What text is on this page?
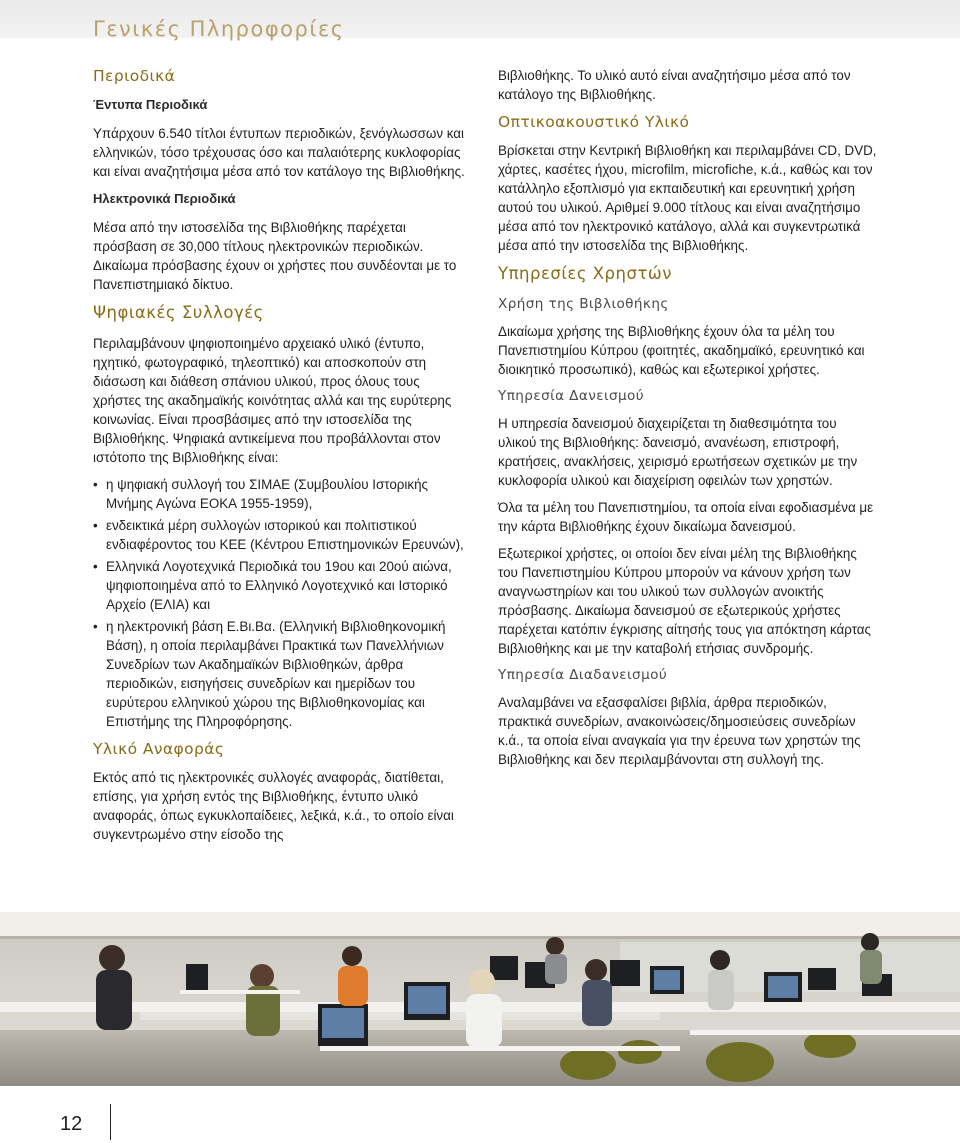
Γενικές Πληροφορίες
Περιοδικά
Έντυπα Περιοδικά

Υπάρχουν 6.540 τίτλοι έντυπων περιοδικών, ξενόγλωσσων και ελληνικών, τόσο τρέχουσας όσο και παλαιότερης κυκλοφορίας και είναι αναζητήσιμα μέσα από τον κατάλογο της Βιβλιοθήκης.

Ηλεκτρονικά Περιοδικά

Μέσα από την ιστοσελίδα της Βιβλιοθήκης παρέχεται πρόσβαση σε 30,000 τίτλους ηλεκτρονικών περιοδικών. Δικαίωμα πρόσβασης έχουν οι χρήστες που συνδέονται με το Πανεπιστημιακό δίκτυο.

Ψηφιακές Συλλογές

Περιλαμβάνουν ψηφιοποιημένο αρχειακό υλικό (έντυπο, ηχητικό, φωτογραφικό, τηλεοπτικό) και αποσκοπούν στη διάσωση και διάθεση σπάνιου υλικού, προς όλους τους χρήστες της ακαδημαϊκής κοινότητας αλλά και της ευρύτερης κοινωνίας. Είναι προσβάσιμες από την ιστοσελίδα της Βιβλιοθήκης. Ψηφιακά αντικείμενα που προβάλλονται στον ιστότοπο της Βιβλιοθήκης είναι:

• η ψηφιακή συλλογή του ΣΙΜΑΕ (Συμβουλίου Ιστορικής Μνήμης Αγώνα ΕΟΚΑ 1955-1959),
• ενδεικτικά μέρη συλλογών ιστορικού και πολιτιστικού ενδιαφέροντος του ΚΕΕ (Κέντρου Επιστημονικών Ερευνών),
• Ελληνικά Λογοτεχνικά Περιοδικά του 19ου και 20ού αιώνα, ψηφιοποιημένα από το Ελληνικό Λογοτεχνικό και Ιστορικό Αρχείο (ΕΛΙΑ) και
• η ηλεκτρονική βάση Ε.Βι.Βα. (Ελληνική Βιβλιοθηκονομική Βάση), η οποία περιλαμβάνει Πρακτικά των Πανελλήνιων Συνεδρίων των Ακαδημαϊκών Βιβλιοθηκών, άρθρα περιοδικών, εισηγήσεις συνεδρίων και ημερίδων του ευρύτερου ελληνικού χώρου της Βιβλιοθηκονομίας και Επιστήμης της Πληροφόρησης.
Υλικό Αναφοράς

Εκτός από τις ηλεκτρονικές συλλογές αναφοράς, διατίθεται, επίσης, για χρήση εντός της Βιβλιοθήκης, έντυπο υλικό αναφοράς, όπως εγκυκλοπαίδειες, λεξικά, κ.ά., το οποίο είναι συγκεντρωμένο στην είσοδο της

Βιβλιοθήκης. Το υλικό αυτό είναι αναζητήσιμο μέσα από τον κατάλογο της Βιβλιοθήκης.

Οπτικοακουστικό Υλικό

Βρίσκεται στην Κεντρική Βιβλιοθήκη και περιλαμβάνει CD, DVD, χάρτες, κασέτες ήχου, microfilm, microfiche, κ.ά., καθώς και τον κατάλληλο εξοπλισμό για εκπαιδευτική και ερευνητική χρήση αυτού του υλικού. Αριθμεί 9.000 τίτλους και είναι αναζητήσιμο μέσα από τον ηλεκτρονικό κατάλογο, αλλά και συγκεντρωτικά μέσα από την ιστοσελίδα της Βιβλιοθήκης.

Υπηρεσίες Χρηστών
Χρήση της Βιβλιοθήκης

Δικαίωμα χρήσης της Βιβλιοθήκης έχουν όλα τα μέλη του Πανεπιστημίου Κύπρου (φοιτητές, ακαδημαϊκό, ερευνητικό και διοικητικό προσωπικό), καθώς και εξωτερικοί χρήστες.

Υπηρεσία Δανεισμού

Η υπηρεσία δανεισμού διαχειρίζεται τη διαθεσιμότητα του υλικού της Βιβλιοθήκης: δανεισμό, ανανέωση, επιστροφή, κρατήσεις, ανακλήσεις, χειρισμό ερωτήσεων σχετικών με την κυκλοφορία υλικού και διαχείριση οφειλών των χρηστών.

Όλα τα μέλη του Πανεπιστημίου, τα οποία είναι εφοδιασμένα με την κάρτα Βιβλιοθήκης έχουν δικαίωμα δανεισμού.

Εξωτερικοί χρήστες, οι οποίοι δεν είναι μέλη της Βιβλιοθήκης του Πανεπιστημίου Κύπρου μπορούν να κάνουν χρήση των αναγνωστηρίων και του υλικού των συλλογών ανοικτής πρόσβασης. Δικαίωμα δανεισμού σε εξωτερικούς χρήστες παρέχεται κατόπιν έγκρισης αίτησής τους για απόκτηση κάρτας Βιβλιοθήκης και με την καταβολή ετήσιας συνδρομής.

Υπηρεσία Διαδανεισμού

Αναλαμβάνει να εξασφαλίσει βιβλία, άρθρα περιοδικών, πρακτικά συνεδρίων, ανακοινώσεις/δημοσιεύσεις συνεδρίων κ.ά., τα οποία είναι αναγκαία για την έρευνα των χρηστών της Βιβλιοθήκης και δεν περιλαμβάνονται στη συλλογή της.

12
